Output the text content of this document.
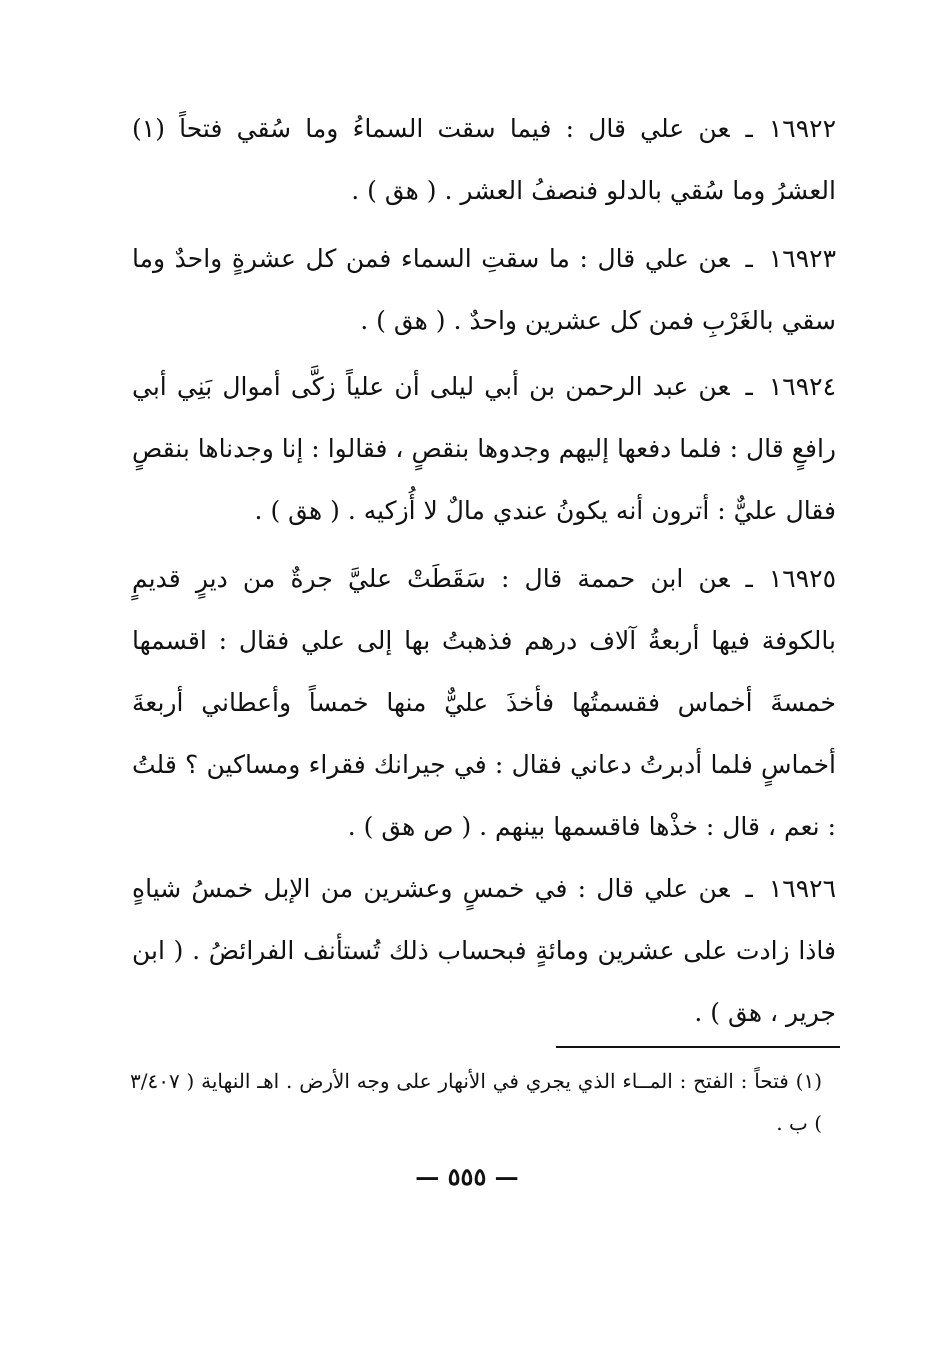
١٦٩٢٢ـعن علي قال : فيما سقت السماءُ وما سُقي فتحاً (١) العشرُ وما سُقي بالدلو فنصفُ العشر . ( هق ) .

١٦٩٢٣ـعن علي قال : ما سقتِ السماء فمن كل عشرةٍ واحدٌ وما سقي بالغَرْبِ فمن كل عشرين واحدٌ . ( هق ) .

١٦٩٢٤ـعن عبد الرحمن بن أبي ليلى أن علياً زكَّى أموال بَنِي أبي رافعٍ قال : فلما دفعها إليهم وجدوها بنقصٍ ، فقالوا : إنا وجدناها بنقصٍ فقال عليٌّ : أترون أنه يكونُ عندي مالٌ لا أُزكيه . ( هق ) .

١٦٩٢٥ـعن ابن حممة قال : سَقَطَتْ عليَّ جرةٌ من ديرٍ قديمٍ بالكوفة فيها أربعةُ آلاف درهم فذهبتُ بها إلى علي فقال : اقسمها خمسةَ أخماس فقسمتُها فأخذَ عليٌّ منها خمساً وأعطاني أربعةَ أخماسٍ فلما أدبرتُ دعاني فقال : في جيرانك فقراء ومساكين ؟ قلتُ : نعم ، قال : خذْها فاقسمها بينهم . ( ص هق ) .

١٦٩٢٦ـعن علي قال : في خمسٍ وعشرين من الإبل خمسُ شياهٍ فاذا زادت على عشرين ومائةٍ فبحساب ذلك تُستأنف الفرائضُ . ( ابن جرير ، هق ) .

(١) فتحاً : الفتح : المــاء الذي يجري في الأنهار على وجه الأرض . اهـ النهاية ( ٣/٤٠٧ ) ب .

— ٥٥٥ —
